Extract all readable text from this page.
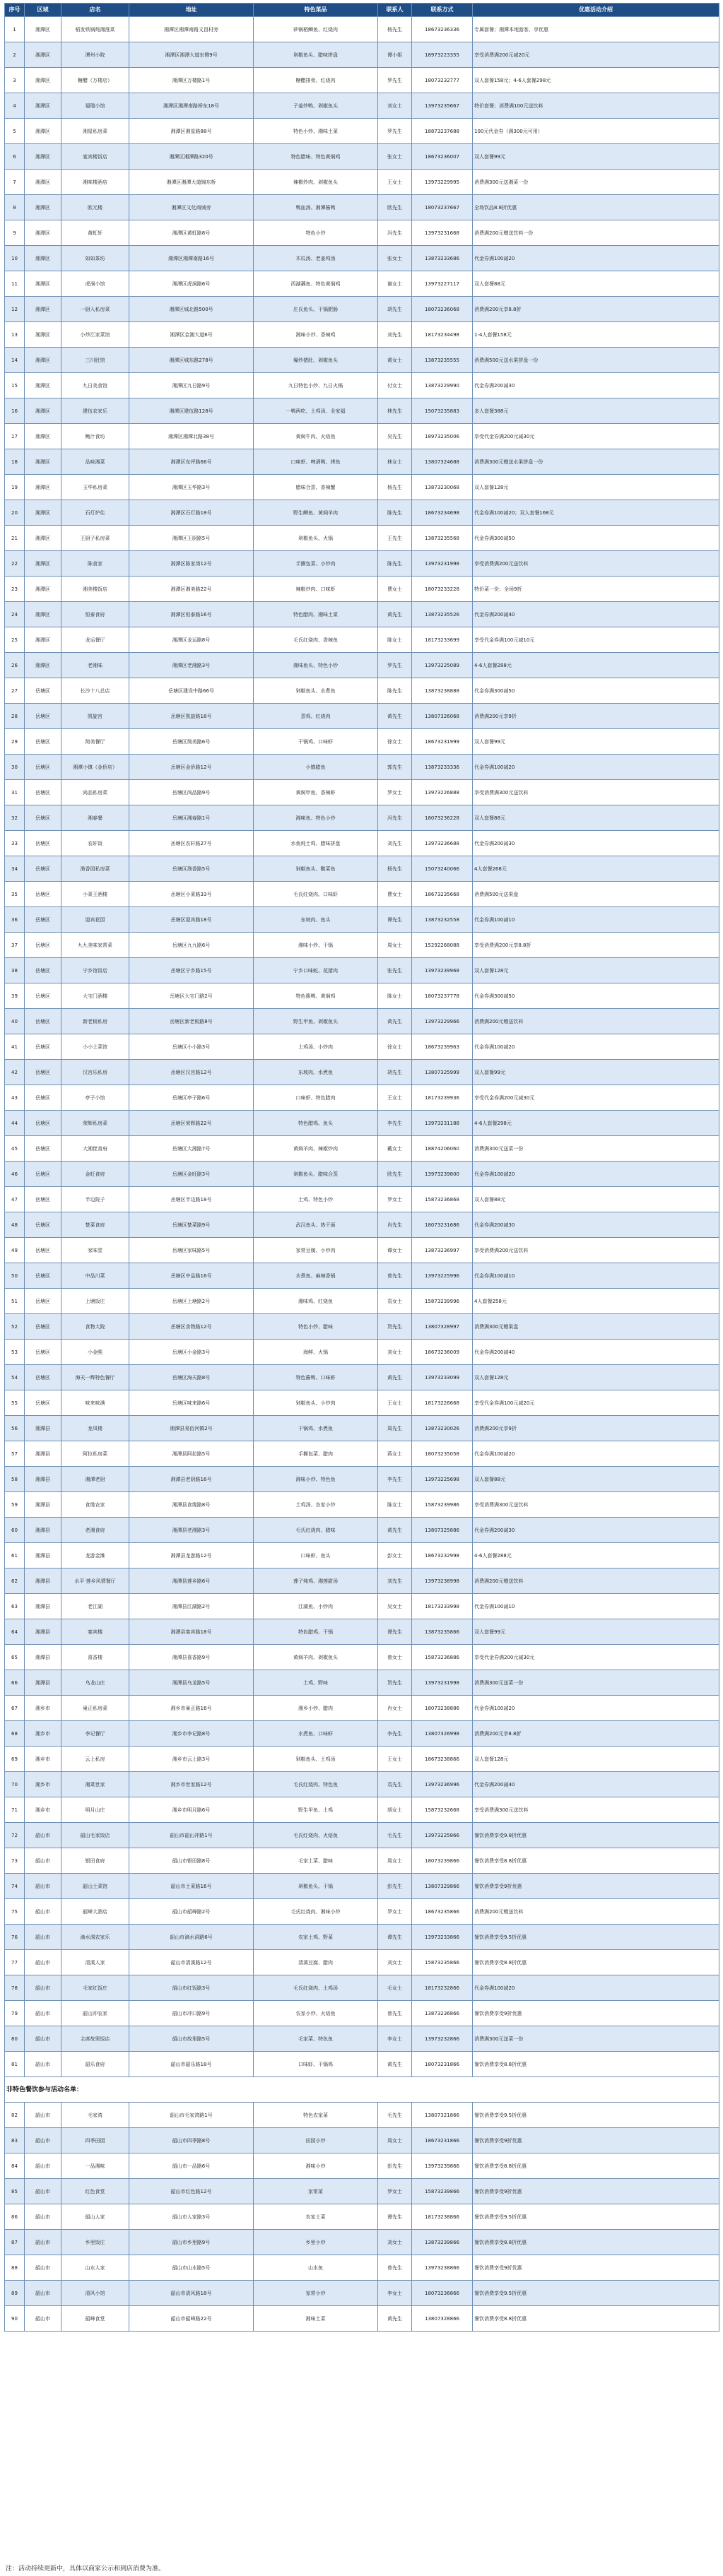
序号	区域	店名	地址	特色菜品	联系人	联系方式	优惠活动介绍
1	湘潭区	稻发铁锅炖湘淮菜	湘潭区湘潭南路文昌村旁	砂锅稻鲫鱼、红烧肉	杨先生	18673236336	专属套餐；湘潭本地游客，享优惠
2	湘潭区	潭州小院	湘潭区湘潭大道东侧9号	剁椒鱼头、腊味拼盘	谭小姐	18973223355	享受消费满200元减20元
3	湘潭区	糖醋（万楼店）	湘潭区万楼路1号	糖醋排骨、红烧肉	罗先生	18073232777	双人套餐158元；4-6人套餐298元
4	湘潭区	福瑞小馆	湘潭区湘潭南路桥东18号	子姜炒鸭、剁椒鱼头	刘女士	13973235667	特价套餐；消费满100元送饮料
5	湘潭区	湘星私房菜	湘潭区湘星路88号	特色小炒、湘味土菜	罗先生	18873237688	100元代金券（满300元可用）
6	湘潭区	宴宾楼饭店	湘潭区湘潭路320号	特色腊味、特色黄焖鸡	张女士	18673236007	双人套餐99元
7	湘潭区	湘味楼酒店	湘潭区湘潭大道锦东桥	辣椒炒肉、剁椒鱼头	王女士	13973229995	消费满300元送湘菜一份
8	湘潭区	欧元楼	湘潭区文化商城旁	鸭血汤、湘潭酱鸭	欧先生	18073237667	全场饮品8.8折优惠
9	湘潭区	黄虹轩	湘潭区黄虹路8号	特色小炒	冯先生	13973231668	消费满200元赠送饮料一份
10	湘潭区	如如茶坊	湘潭区湘潭南路16号	木瓜汤、老姜鸡汤	张女士	13873233686	代金券满100减20
11	湘潭区	虎涧小馆	湘潭区虎涧路6号	西湖藕鱼、特色黄焖鸡	谢女士	13973227117	双人套餐88元
12	湘潭区	一厨入私房菜	湘潭区城北路500号	庄氏鱼头、干锅肥肠	胡先生	18073236068	消费满200元享8.8折
13	湘潭区	小炒江家菜馆	湘潭区金湘大道6号	湘味小炒、香辣鸡	刘先生	18173234498	1-4人套餐158元
14	湘潭区	三川肚馆	湘潭区城东路278号	爆炒猪肚、剁椒鱼头	黄女士	13873235555	消费满500元送水果拼盘一份
15	湘潭区	九日美食馆	湘潭区九日路9号	九日特色小炒、九日火锅	付女士	13873229990	代金券满200减30
16	湘潭区	建伍农家乐	湘潭区建伍路128号	一鸭两吃、土鸡汤、全家福	林先生	15073235883	多人套餐388元
17	湘潭区	鲍汁食坊	湘潭区湘潭北路38号	黄焖牛肉、火焙鱼	吴先生	18973235006	享受代金券满200元减30元
18	湘潭区	品味湘菜	湘潭区东坪路66号	口味虾、啤酒鸭、烤鱼	林女士	13807324688	消费满300元赠送水果拼盘一份
19	湘潭区	玉华私房菜	湘潭区玉华路3号	腊味合蒸、香辣蟹	杨先生	13873230068	双人套餐128元
20	湘潭区	石灯炉住	湘潭区石灯路18号	野生鲫鱼、黄焖羊肉	陈先生	18673234698	代金券满100减20；双人套餐168元
21	湘潭区	王厨子私房菜	湘潭区王厨路5号	剁椒鱼头、火锅	王先生	13873235568	代金券满300减50
22	湘潭区	陈食家	湘潭区陈家湾12号	手撕包菜、小炒肉	陈先生	13973231998	享受消费满200元送饮料
23	湘潭区	湘美楼饭店	湘潭区湘美路22号	辣椒炒肉、口味虾	曹女士	18073233228	特价菜一份；全场9折
24	湘潭区	恒泰食府	湘潭区恒泰路16号	特色腊肉、湘味土菜	黄先生	13873235526	代金券满200减40
25	湘潭区	龙运餐厅	湘潭区龙运路8号	毛氏红烧肉、香辣鱼	陈女士	18173233699	享受代金券满100元减10元
26	湘潭区	老湘味	湘潭区老湘路3号	湘味鱼头、特色小炒	罗先生	13973225089	4-6人套餐288元
27	岳塘区	长沙十八总店	岳塘区建设中路66号	剁椒鱼头、水煮鱼	陈先生	13873238888	代金券满300减50
28	岳塘区	凯旋宫	岳塘区凯旋路18号	蒸鸡、红烧肉	黄先生	13807326068	消费满200元享9折
29	岳塘区	简美餐厅	岳塘区简美路6号	干锅鸡、口味虾	徐女士	18673231999	双人套餐99元
30	岳塘区	湘潭小镇（金侨店）	岳塘区金侨路12号	小镇腊鱼	郭先生	13873233336	代金券满100减20
31	岳塘区	尚品私房菜	岳塘区尚品路9号	黄焖甲鱼、香辣虾	罗女士	13973226888	享受消费满300元送饮料
32	岳塘区	湘春餐	岳塘区湘春路1号	湘味鱼、特色小炒	冯先生	18073236228	双人套餐88元
33	岳塘区	农轩饭	岳塘区农轩路27号	水鱼炖土鸡、腊味拼盘	刘先生	13973236688	代金券满200减30
34	岳塘区	渔香园私房菜	岳塘区渔香路5号	剁椒鱼头、酸菜鱼	杨先生	15073240066	4人套餐268元
35	岳塘区	小菜王酒楼	岳塘区小菜路33号	毛氏红烧肉、口味虾	曹女士	18673235668	消费满500元送果盘
36	岳塘区	迎宾花园	岳塘区迎宾路18号	东坡肉、鱼头	谭先生	13873232558	代金券满100减10
37	岳塘区	九九美味家常菜	岳塘区九九路6号	湘味小炒、干锅	周女士	15292268088	享受消费满200元享8.8折
38	岳塘区	宁乡馆饭店	岳塘区宁乡路15号	宁乡口味蛇、花猪肉	张先生	13973239968	双人套餐128元
39	岳塘区	大宅门酒楼	岳塘区大宅门路2号	特色酱鸭、黄焖鸡	陈女士	18073237778	代金券满300减50
40	岳塘区	新老板私房	岳塘区新老板路8号	野生甲鱼、剁椒鱼头	黄先生	13973229966	消费满200元赠送饮料
41	岳塘区	小小土菜馆	岳塘区小小路3号	土鸡汤、小炒肉	徐女士	18673239963	代金券满100减20
42	岳塘区	汉宫乐私房	岳塘区汉宫路12号	东坡肉、水煮鱼	胡先生	13807325999	双人套餐99元
43	岳塘区	亭子小馆	岳塘区亭子路6号	口味虾、特色腊肉	王女士	18173239936	享受代金券满200元减30元
44	岳塘区	荣辉私房菜	岳塘区荣辉路22号	特色腊鸡、鱼头	李先生	13973231188	4-6人套餐298元
45	岳塘区	大湘佬食府	岳塘区大湘路7号	黄焖羊肉、辣椒炒肉	戴女士	18874206060	消费满300元送菜一份
46	岳塘区	金旺食府	岳塘区金旺路3号	剁椒鱼头、腊味合蒸	欧先生	13973239800	代金券满100减20
47	岳塘区	半边院子	岳塘区半边路18号	土鸡、特色小炒	罗女士	15873236868	双人套餐88元
48	岳塘区	楚菜食府	岳塘区楚菜路9号	武汉鱼头、热干面	肖先生	18073231686	代金券满200减30
49	岳塘区	家味堂	岳塘区家味路5号	家常豆腐、小炒肉	谭女士	13873236997	享受消费满200元送饮料
50	岳塘区	中品川菜	岳塘区中品路16号	水煮鱼、麻辣香锅	曾先生	13973225996	代金券满100减10
51	岳塘区	上塘饭庄	岳塘区上塘路2号	湘味鸡、红烧鱼	袁女士	15873239996	4人套餐258元
52	岳塘区	食物大院	岳塘区食物路12号	特色小炒、腊味	贺先生	13807328997	消费满300元赠果盘
53	岳塘区	小金熙	岳塘区小金路3号	海鲜、火锅	刘女士	18673236009	代金券满200减40
54	岳塘区	海天一辉特色餐厅	岳塘区海天路8号	特色酱鸭、口味虾	黄先生	13973233099	双人套餐128元
55	岳塘区	味来味满	岳塘区味来路6号	剁椒鱼头、小炒肉	王女士	18173226668	享受代金券满100元减20元
56	湘潭县	龙凤楼	湘潭县易俗河镇2号	干锅鸡、水煮鱼	周先生	13873230026	消费满200元享9折
57	湘潭县	阿拉私房菜	湘潭县阿拉路5号	手撕包菜、腊肉	蒋女士	18073235058	代金券满100减20
58	湘潭县	湘潭老厨	湘潭县老厨路16号	湘味小炒、特色鱼	李先生	13973225698	双人套餐88元
59	湘潭县	食缘农家	湘潭县食缘路8号	土鸡汤、农家小炒	陈女士	15873239986	享受消费满300元送饮料
60	湘潭县	老湘食府	湘潭县老湘路3号	毛氏红烧肉、腊味	黄先生	13807325886	代金券满200减30
61	湘潭县	龙游金滩	湘潭县龙游路12号	口味虾、鱼头	彭女士	18673232998	4-6人套餐288元
62	湘潭县	水平·莲乡风情餐厅	湘潭县莲乡路6号	莲子炖鸡、湘莲甜汤	刘先生	13973238998	消费满200元赠送饮料
63	湘潭县	老江湖	湘潭县江湖路2号	江湖鱼、小炒肉	吴女士	18173233998	代金券满100减10
64	湘潭县	宴宾楼	湘潭县宴宾路18号	特色腊鸡、干锅	谭先生	13873235866	双人套餐99元
65	湘潭县	喜香楼	湘潭县喜香路9号	黄焖羊肉、剁椒鱼头	曾女士	15873236886	享受代金券满200元减30元
66	湘潭县	乌龙山庄	湘潭县乌龙路5号	土鸡、野味	贺先生	13973231998	消费满300元送菜一份
67	湘乡市	巢正私房菜	湘乡市巢正路16号	湘乡小炒、腊肉	肖女士	18073238886	代金券满100减20
68	湘乡市	李记餐厅	湘乡市李记路8号	水煮鱼、口味虾	李先生	13807326998	消费满200元享8.8折
69	湘乡市	云上私房	湘乡市云上路3号	剁椒鱼头、土鸡汤	王女士	18673238866	双人套餐128元
70	湘乡市	湘菜世家	湘乡市世家路12号	毛氏红烧肉、特色鱼	袁先生	13973236996	代金券满200减40
71	湘乡市	明月山庄	湘乡市明月路6号	野生甲鱼、土鸡	胡女士	15873232668	享受消费满300元送饮料
72	韶山市	韶山毛家饭店	韶山市韶山冲路1号	毛氏红烧肉、火焙鱼	毛先生	13973225866	餐饮消费享受9.8折优惠
73	韶山市	银田食府	韶山市银田路8号	毛家土菜、腊味	周女士	18073239866	餐饮消费享受8.8折优惠
74	韶山市	韶山土菜馆	韶山市土菜路16号	剁椒鱼头、干锅	彭先生	13807329866	餐饮消费享受9折优惠
75	韶山市	韶峰大酒店	韶山市韶峰路2号	毛氏红烧肉、湘味小炒	罗女士	18673235866	消费满200元赠送饮料
76	韶山市	滴水洞农家乐	韶山市滴水洞路6号	农家土鸡、野菜	谭先生	13973233866	餐饮消费享受9.5折优惠
77	韶山市	清溪人家	韶山市清溪路12号	清溪豆腐、腊肉	刘女士	15873235866	餐饮消费享受8.8折优惠
78	韶山市	毛家红饭庄	韶山市红饭路3号	毛氏红烧肉、土鸡汤	毛女士	18173232866	代金券满100减20
79	韶山市	韶山冲农家	韶山市冲口路9号	农家小炒、火焙鱼	曾先生	13873236866	餐饮消费享受9折优惠
80	韶山市	主席故里饭店	韶山市故里路5号	毛家菜、特色鱼	李女士	13973232866	消费满300元送菜一份
81	韶山市	韶乐食府	韶山市韶乐路18号	口味虾、干锅鸡	黄先生	18073231866	餐饮消费享受8.8折优惠
非特色餐饮参与活动名单：							
82	韶山市	毛家湾	韶山市毛家湾路1号	特色农家菜	毛先生	13807321866	餐饮消费享受9.5折优惠
83	韶山市	四季田园	韶山市四季路8号	田园小炒	周女士	18673231866	餐饮消费享受9折优惠
84	韶山市	一品湘味	韶山市一品路6号	湘味小炒	彭先生	13973239866	餐饮消费享受8.8折优惠
85	韶山市	红色食堂	韶山市红色路12号	家常菜	罗女士	15873239866	餐饮消费享受9折优惠
86	韶山市	韶山人家	韶山市人家路3号	农家土菜	谭先生	18173238866	餐饮消费享受9.5折优惠
87	韶山市	乡里饭庄	韶山市乡里路9号	乡里小炒	刘女士	13873239866	餐饮消费享受8.8折优惠
88	韶山市	山水人家	韶山市山水路5号	山水鱼	曾先生	13973238866	餐饮消费享受9折优惠
89	韶山市	清风小馆	韶山市清风路18号	家常小炒	李女士	18073236866	餐饮消费享受9.5折优惠
90	韶山市	韶峰食堂	韶山市韶峰路22号	湘味土菜	黄先生	13807328866	餐饮消费享受8.8折优惠
注：活动持续更新中，具体以商家公示和到店消费为准。
